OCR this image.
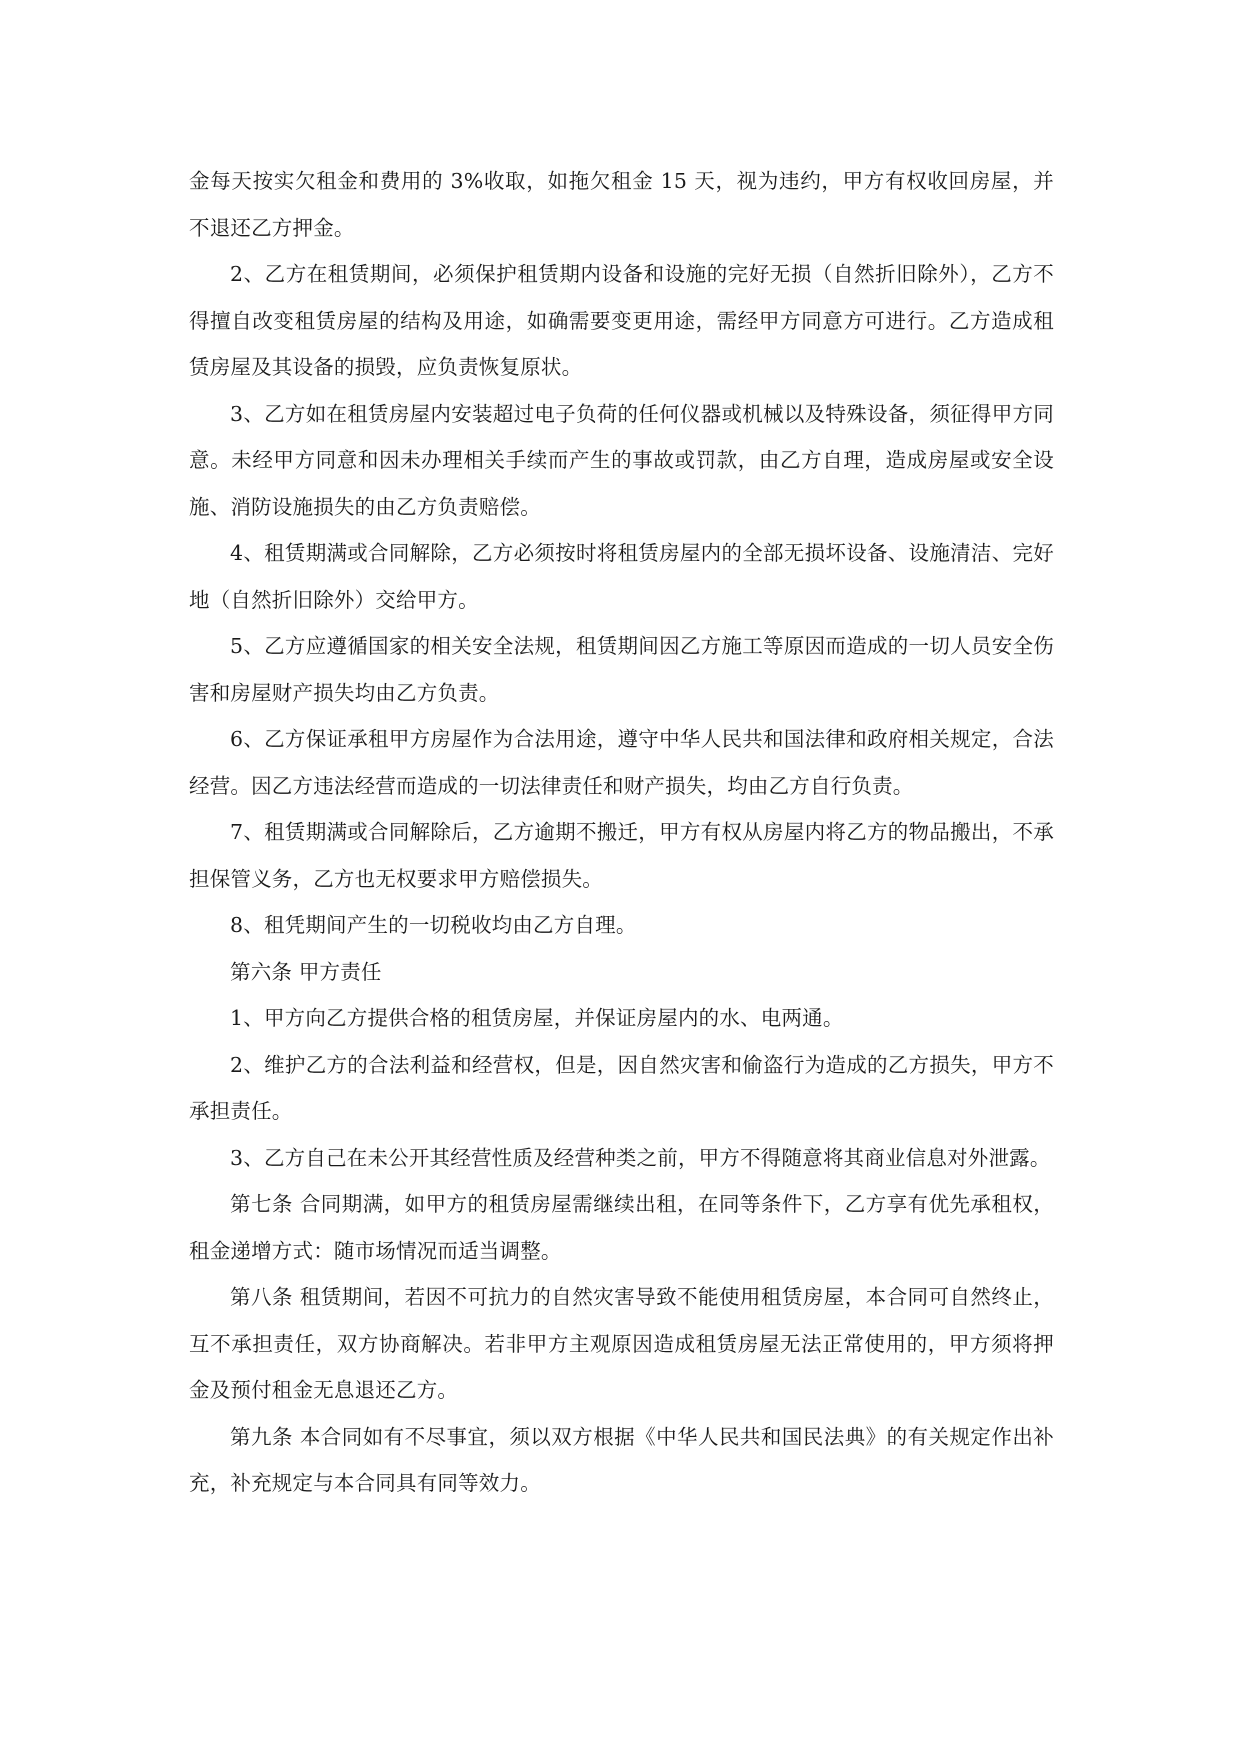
金每天按实欠租金和费用的 3%收取，如拖欠租金 15 天，视为违约，甲方有权收回房屋，并不退还乙方押金。

2、乙方在租赁期间，必须保护租赁期内设备和设施的完好无损（自然折旧除外），乙方不得擅自改变租赁房屋的结构及用途，如确需要变更用途，需经甲方同意方可进行。乙方造成租赁房屋及其设备的损毁，应负责恢复原状。

3、乙方如在租赁房屋内安装超过电子负荷的任何仪器或机械以及特殊设备，须征得甲方同意。未经甲方同意和因未办理相关手续而产生的事故或罚款，由乙方自理，造成房屋或安全设施、消防设施损失的由乙方负责赔偿。

4、租赁期满或合同解除，乙方必须按时将租赁房屋内的全部无损坏设备、设施清洁、完好地（自然折旧除外）交给甲方。

5、乙方应遵循国家的相关安全法规，租赁期间因乙方施工等原因而造成的一切人员安全伤害和房屋财产损失均由乙方负责。

6、乙方保证承租甲方房屋作为合法用途，遵守中华人民共和国法律和政府相关规定，合法经营。因乙方违法经营而造成的一切法律责任和财产损失，均由乙方自行负责。

7、租赁期满或合同解除后，乙方逾期不搬迁，甲方有权从房屋内将乙方的物品搬出，不承担保管义务，乙方也无权要求甲方赔偿损失。

8、租凭期间产生的一切税收均由乙方自理。

第六条 甲方责任

1、甲方向乙方提供合格的租赁房屋，并保证房屋内的水、电两通。

2、维护乙方的合法利益和经营权，但是，因自然灾害和偷盗行为造成的乙方损失，甲方不承担责任。

3、乙方自己在未公开其经营性质及经营种类之前，甲方不得随意将其商业信息对外泄露。

第七条 合同期满，如甲方的租赁房屋需继续出租，在同等条件下，乙方享有优先承租权，租金递增方式：随市场情况而适当调整。

第八条 租赁期间，若因不可抗力的自然灾害导致不能使用租赁房屋，本合同可自然终止，互不承担责任，双方协商解决。若非甲方主观原因造成租赁房屋无法正常使用的，甲方须将押金及预付租金无息退还乙方。

第九条 本合同如有不尽事宜，须以双方根据《中华人民共和国民法典》的有关规定作出补充，补充规定与本合同具有同等效力。
